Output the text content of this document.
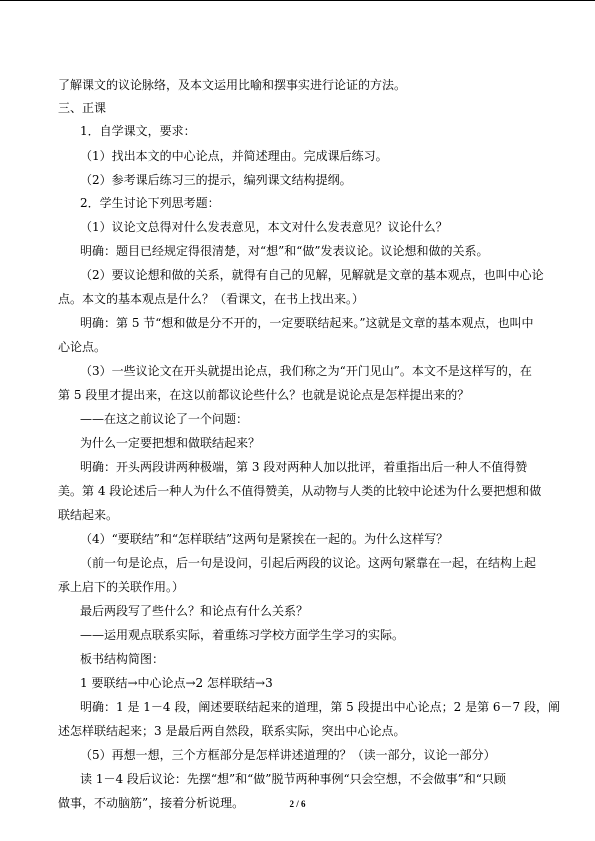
了解课文的议论脉络，及本文运用比喻和摆事实进行论证的方法。
三、正课
1．自学课文，要求：
（1）找出本文的中心论点，并简述理由。完成课后练习。
（2）参考课后练习三的提示，编列课文结构提纲。
2．学生讨论下列思考题：
（1）议论文总得对什么发表意见，本文对什么发表意见？议论什么？
明确：题目已经规定得很清楚，对“想”和“做”发表议论。议论想和做的关系。
（2）要议论想和做的关系，就得有自己的见解，见解就是文章的基本观点，也叫中心论
点。本文的基本观点是什么？（看课文，在书上找出来。）
明确：第 5 节“想和做是分不开的，一定要联结起来。”这就是文章的基本观点，也叫中
心论点。
（3）一些议论文在开头就提出论点，我们称之为“开门见山”。本文不是这样写的，在
第 5 段里才提出来，在这以前都议论些什么？也就是说论点是怎样提出来的？
——在这之前议论了一个问题：
为什么一定要把想和做联结起来？
明确：开头两段讲两种极端，第 3 段对两种人加以批评，着重指出后一种人不值得赞
美。第 4 段论述后一种人为什么不值得赞美，从动物与人类的比较中论述为什么要把想和做
联结起来。
（4）“要联结”和“怎样联结”这两句是紧挨在一起的。为什么这样写？
（前一句是论点，后一句是设问，引起后两段的议论。这两句紧靠在一起，在结构上起
承上启下的关联作用。）
最后两段写了些什么？和论点有什么关系？
——运用观点联系实际，着重练习学校方面学生学习的实际。
板书结构简图：
1 要联结→中心论点→2 怎样联结→3
明确：1 是 1－4 段，阐述要联结起来的道理，第 5 段提出中心论点；2 是第 6－7 段，阐
述怎样联结起来；3 是最后两自然段，联系实际，突出中心论点。
（5）再想一想，三个方框部分是怎样讲述道理的？（读一部分，议论一部分）
读 1－4 段后议论：先摆“想”和“做”脱节两种事例“只会空想，不会做事”和“只顾
做事，不动脑筋”，接着分析说理。	2 / 6
